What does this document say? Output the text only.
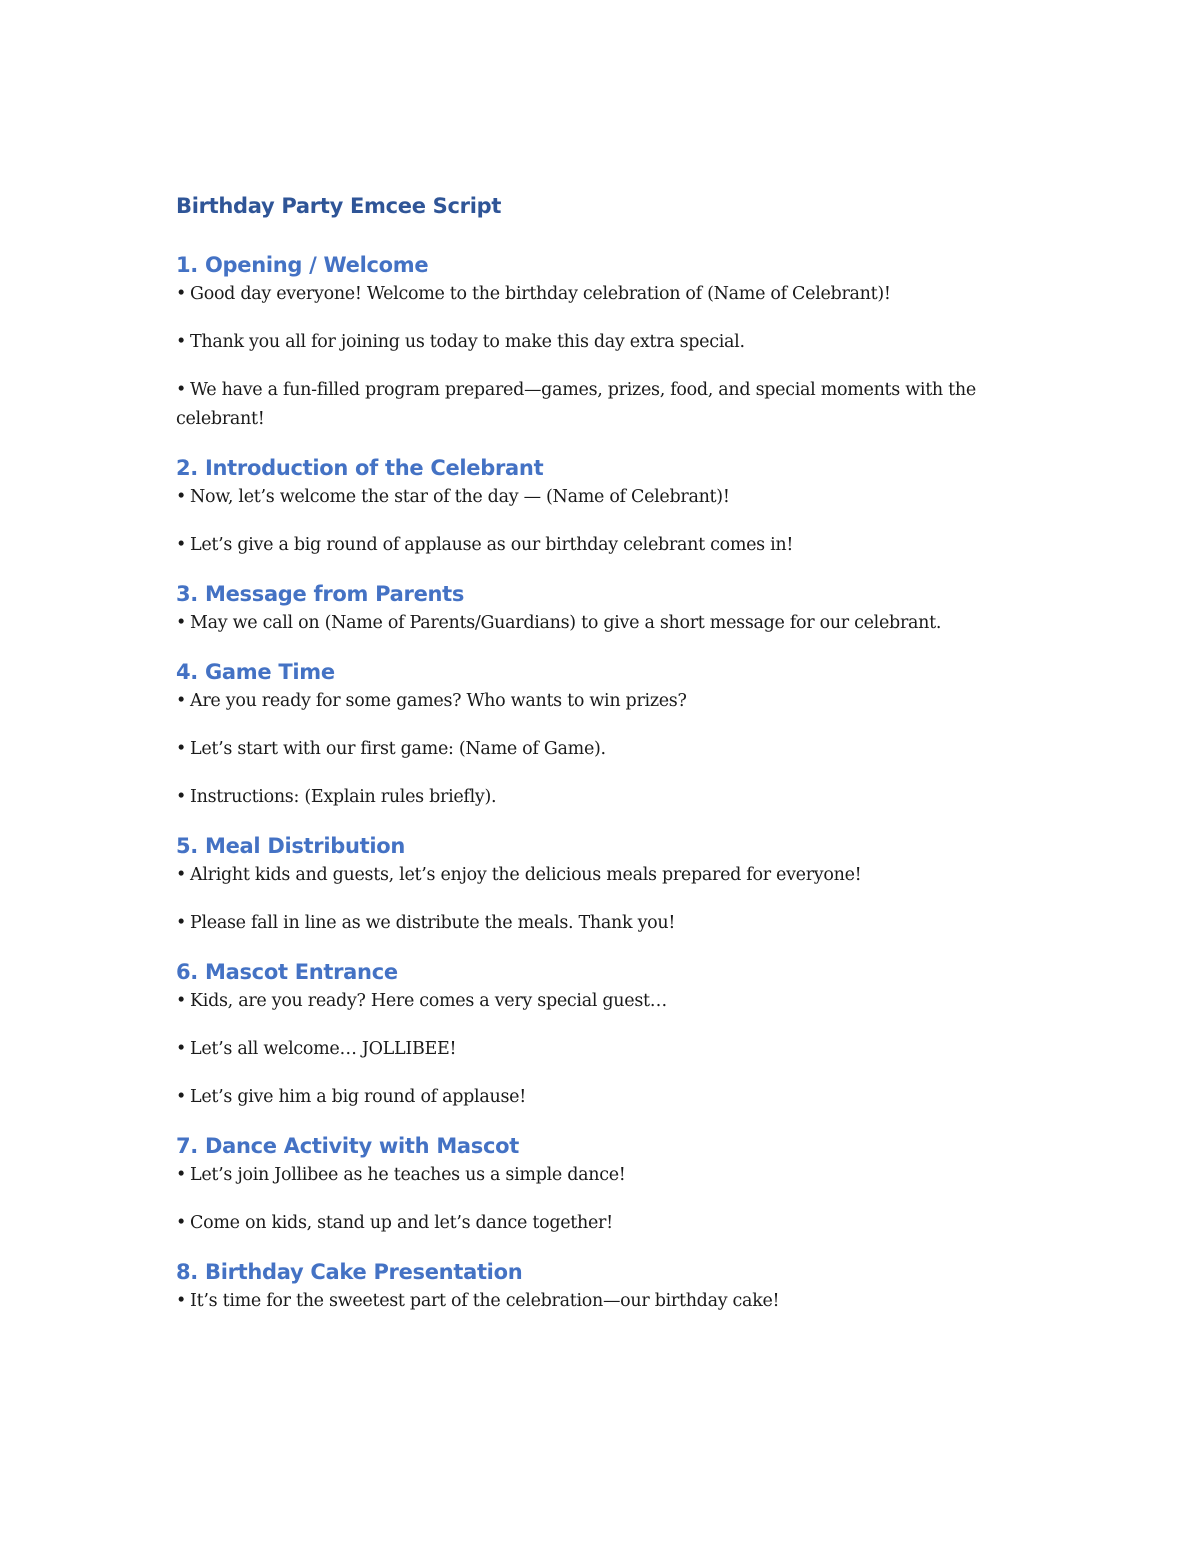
Birthday Party Emcee Script
1. Opening / Welcome

• Good day everyone! Welcome to the birthday celebration of (Name of Celebrant)!

• Thank you all for joining us today to make this day extra special.

• We have a fun-filled program prepared—games, prizes, food, and special moments with the celebrant!

2. Introduction of the Celebrant

• Now, let’s welcome the star of the day — (Name of Celebrant)!

• Let’s give a big round of applause as our birthday celebrant comes in!

3. Message from Parents

• May we call on (Name of Parents/Guardians) to give a short message for our celebrant.

4. Game Time

• Are you ready for some games? Who wants to win prizes?

• Let’s start with our first game: (Name of Game).

• Instructions: (Explain rules briefly).

5. Meal Distribution

• Alright kids and guests, let’s enjoy the delicious meals prepared for everyone!

• Please fall in line as we distribute the meals. Thank you!

6. Mascot Entrance

• Kids, are you ready? Here comes a very special guest…

• Let’s all welcome… JOLLIBEE!

• Let’s give him a big round of applause!

7. Dance Activity with Mascot

• Let’s join Jollibee as he teaches us a simple dance!

• Come on kids, stand up and let’s dance together!

8. Birthday Cake Presentation

• It’s time for the sweetest part of the celebration—our birthday cake!
